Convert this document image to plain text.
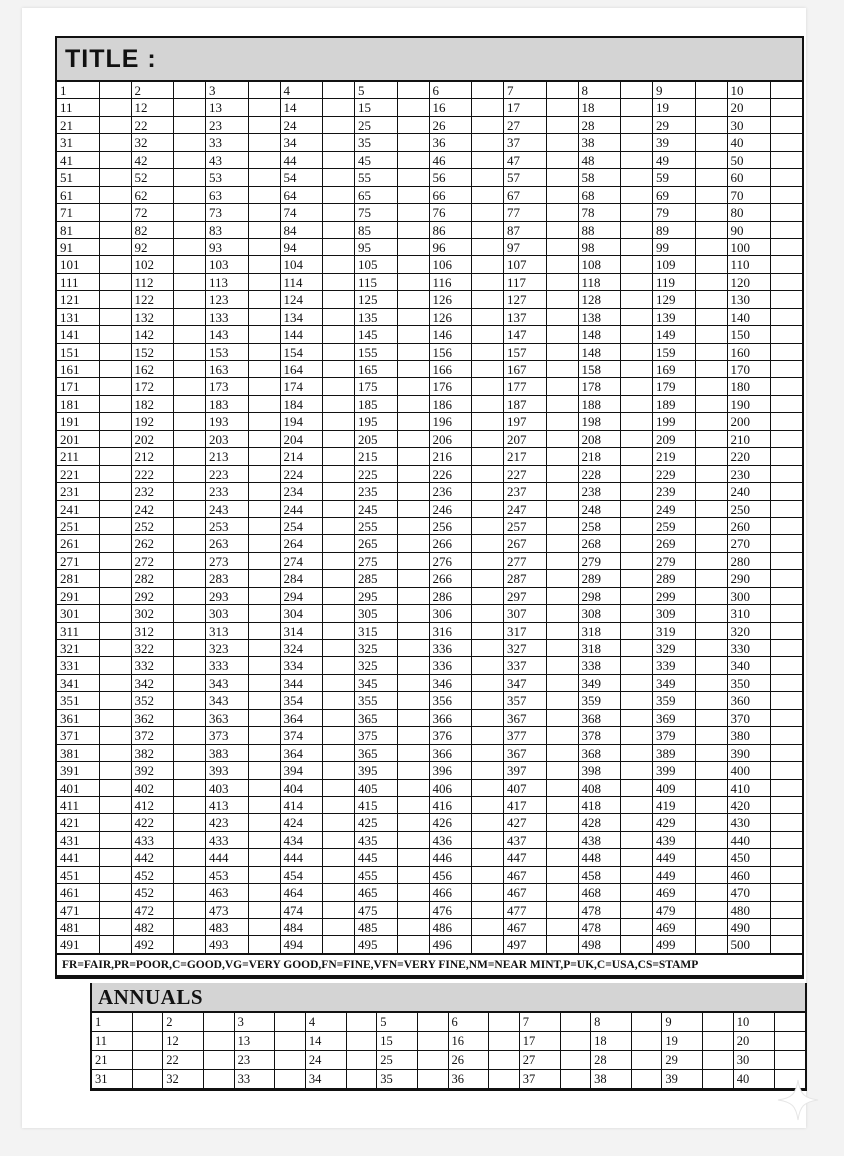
TITLE :
1	2	3	4	5	6	7	8	9	10
11	12	13	14	15	16	17	18	19	20
21	22	23	24	25	26	27	28	29	30
31	32	33	34	35	36	37	38	39	40
41	42	43	44	45	46	47	48	49	50
51	52	53	54	55	56	57	58	59	60
61	62	63	64	65	66	67	68	69	70
71	72	73	74	75	76	77	78	79	80
81	82	83	84	85	86	87	88	89	90
91	92	93	94	95	96	97	98	99	100
101	102	103	104	105	106	107	108	109	110
111	112	113	114	115	116	117	118	119	120
121	122	123	124	125	126	127	128	129	130
131	132	133	134	135	126	137	138	139	140
141	142	143	144	145	146	147	148	149	150
151	152	153	154	155	156	157	148	159	160
161	162	163	164	165	166	167	158	169	170
171	172	173	174	175	176	177	178	179	180
181	182	183	184	185	186	187	188	189	190
191	192	193	194	195	196	197	198	199	200
201	202	203	204	205	206	207	208	209	210
211	212	213	214	215	216	217	218	219	220
221	222	223	224	225	226	227	228	229	230
231	232	233	234	235	236	237	238	239	240
241	242	243	244	245	246	247	248	249	250
251	252	253	254	255	256	257	258	259	260
261	262	263	264	265	266	267	268	269	270
271	272	273	274	275	276	277	279	279	280
281	282	283	284	285	266	287	289	289	290
291	292	293	294	295	286	297	298	299	300
301	302	303	304	305	306	307	308	309	310
311	312	313	314	315	316	317	318	319	320
321	322	323	324	325	336	327	318	329	330
331	332	333	334	325	336	337	338	339	340
341	342	343	344	345	346	347	349	349	350
351	352	343	354	355	356	357	359	359	360
361	362	363	364	365	366	367	368	369	370
371	372	373	374	375	376	377	378	379	380
381	382	383	364	365	366	367	368	389	390
391	392	393	394	395	396	397	398	399	400
401	402	403	404	405	406	407	408	409	410
411	412	413	414	415	416	417	418	419	420
421	422	423	424	425	426	427	428	429	430
431	433	433	434	435	436	437	438	439	440
441	442	444	444	445	446	447	448	449	450
451	452	453	454	455	456	467	458	449	460
461	452	463	464	465	466	467	468	469	470
471	472	473	474	475	476	477	478	479	480
481	482	483	484	485	486	467	478	469	490
491	492	493	494	495	496	497	498	499	500
FR=FAIR,PR=POOR,C=GOOD,VG=VERY GOOD,FN=FINE,VFN=VERY FINE,NM=NEAR MINT,P=UK,C=USA,CS=STAMP
ANNUALS
1	2	3	4	5	6	7	8	9	10
11	12	13	14	15	16	17	18	19	20
21	22	23	24	25	26	27	28	29	30
31	32	33	34	35	36	37	38	39	40
